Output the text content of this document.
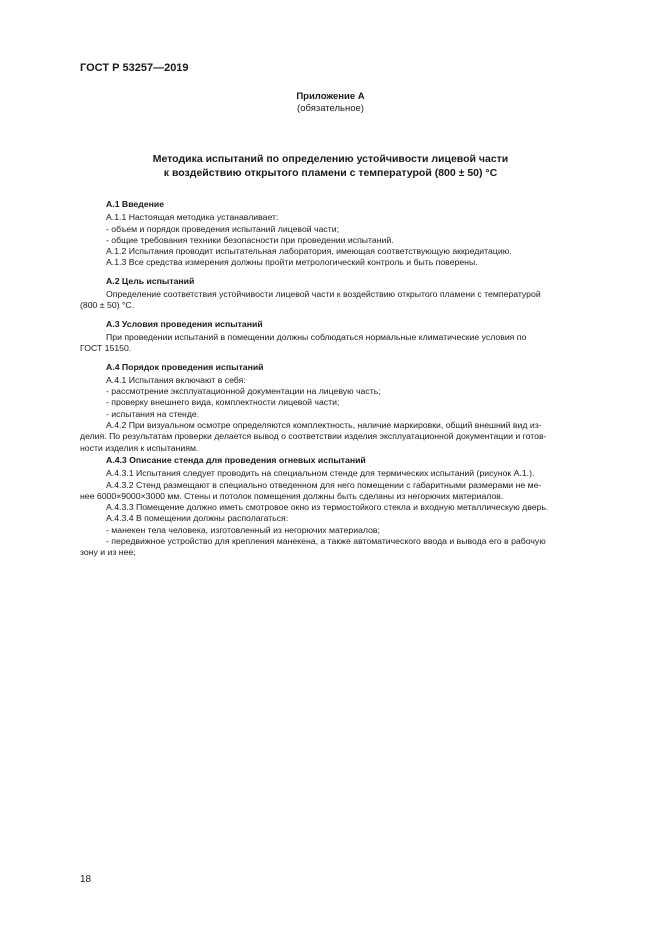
ГОСТ Р 53257—2019
Приложение А
(обязательное)
Методика испытаний по определению устойчивости лицевой части
к воздействию открытого пламени с температурой (800 ± 50) °С
А.1 Введение
А.1.1 Настоящая методика устанавливает:
- объем и порядок проведения испытаний лицевой части;
- общие требования техники безопасности при проведении испытаний.
А.1.2 Испытания проводит испытательная лаборатория, имеющая соответствующую аккредитацию.
А.1.3 Все средства измерения должны пройти метрологический контроль и быть поверены.
А.2 Цель испытаний
Определение соответствия устойчивости лицевой части к воздействию открытого пламени с температурой
(800 ± 50) °С.
А.3 Условия проведения испытаний
При проведении испытаний в помещении должны соблюдаться нормальные климатические условия по
ГОСТ 15150.
А.4 Порядок проведения испытаний
А.4.1 Испытания включают в себя:
- рассмотрение эксплуатационной документации на лицевую часть;
- проверку внешнего вида, комплектности лицевой части;
- испытания на стенде.
А.4.2 При визуальном осмотре определяются комплектность, наличие маркировки, общий внешний вид из-
делия. По результатам проверки делается вывод о соответствии изделия эксплуатационной документации и готов-
ности изделия к испытаниям.
А.4.3 Описание стенда для проведения огневых испытаний
А.4.3.1 Испытания следует проводить на специальном стенде для термических испытаний (рисунок А.1.).
А.4.3.2 Стенд размещают в специально отведенном для него помещении с габаритными размерами не ме-
нее 6000×9000×3000 мм. Стены и потолок помещения должны быть сделаны из негорючих материалов.
А.4.3.3 Помещение должно иметь смотровое окно из термостойкого стекла и входную металлическую дверь.
А.4.3.4 В помещении должны располагаться:
- манекен тела человека, изготовленный из негорючих материалов;
- передвижное устройство для крепления манекена, а также автоматического ввода и вывода его в рабочую
зону и из нее;
18
